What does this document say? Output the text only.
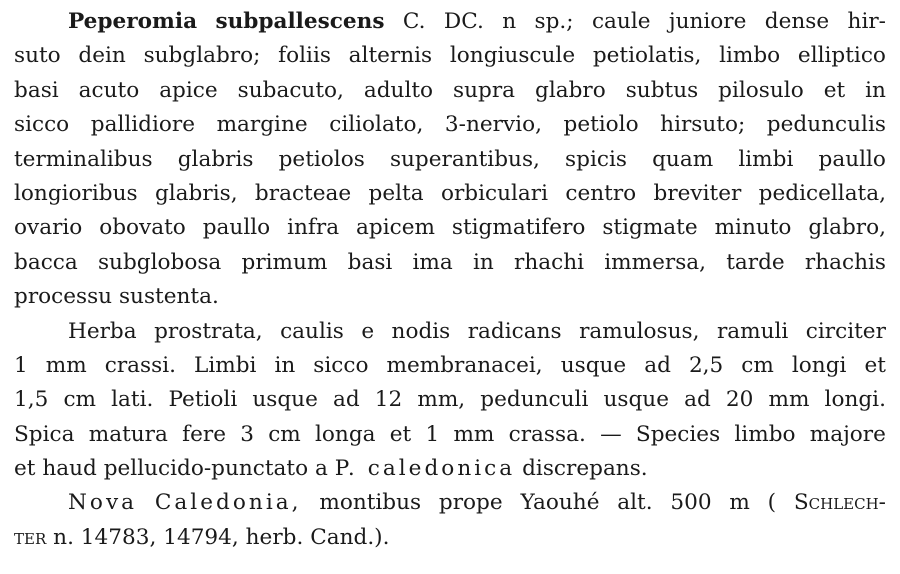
Peperomia subpallescens C. DC. n sp.; caule juniore dense hir-
suto dein subglabro; foliis alternis longiuscule petiolatis, limbo elliptico
basi acuto apice subacuto, adulto supra glabro subtus pilosulo et in
sicco pallidiore margine ciliolato, 3-nervio, petiolo hirsuto; pedunculis
terminalibus glabris petiolos superantibus, spicis quam limbi paullo
longioribus glabris, bracteae pelta orbiculari centro breviter pedicellata,
ovario obovato paullo infra apicem stigmatifero stigmate minuto glabro,
bacca subglobosa primum basi ima in rhachi immersa, tarde rhachis
processu sustenta.
Herba prostrata, caulis e nodis radicans ramulosus, ramuli circiter
1 mm crassi. Limbi in sicco membranacei, usque ad 2,5 cm longi et
1,5 cm lati. Petioli usque ad 12 mm, pedunculi usque ad 20 mm longi.
Spica matura fere 3 cm longa et 1 mm crassa. — Species limbo majore
et haud pellucido-punctato a P. caledonica discrepans.
Nova Caledonia, montibus prope Yaouhé alt. 500 m ( Schlech-
ter n. 14783, 14794, herb. Cand.).
